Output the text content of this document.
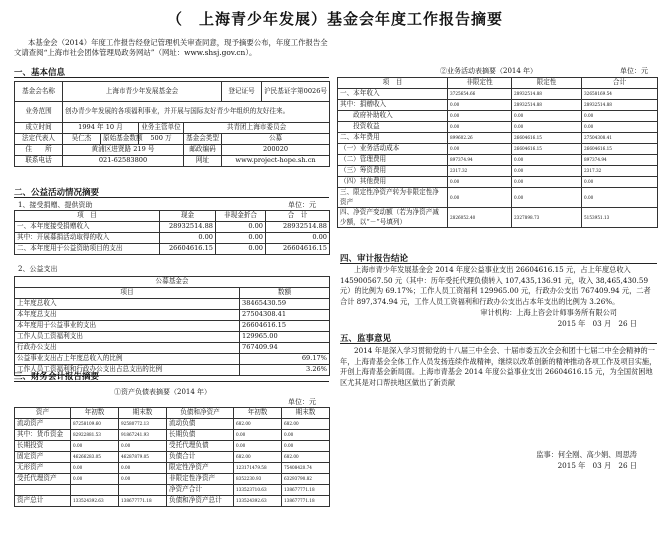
（　上海青少年发展）基金会年度工作报告摘要
本基金会（2014）年度工作报告经登记管理机关审查同意，现予摘要公布，年度工作报告全文请查阅“上海市社会团体管理局政务网站”（网址：www.shsj.gov.cn）。
一、基本信息
基金会名称	上海市青少年发展基金会				登记证号	沪民基证字第0026号
业务范围	创办青少年发展的各项福利事业，并开展与国际友好青少年组织的友好往来。					
成立时间	1994 年 10 月		业务主管单位	共青团上海市委员会		
法定代表人	吴仁杰	原始基金数额	500 万	基金会类型	公募	
住　　所	黄浦区进贤路 219 号			邮政编码	200020	
联系电话	021-62583800			网址	www.project-hope.sh.cn	
二、公益活动情况摘要
1、接受捐赠、提供资助	单位：元
项　目	现金	非现金折合	合　计
一、本年度接受捐赠收入	28932514.88	0.00	28932514.88
其中：开展募捐活动取得的收入	0.00	0.00	0.00
二、本年度用于公益资助项目的支出	26604616.15	0.00	26604616.15
2、公益支出
公募基金会	
项目	数额
上年度总收入	38465430.59
本年度总支出	27504308.41
本年度用于公益事业的支出	26604616.15
工作人员工资福利支出	129965.00
行政办公支出	767409.94
公益事业支出占上年度总收入的比例	69.17%
工作人员工资福利和行政办公支出占总支出的比例	3.26%
三、财务会计报告摘要
①资产负债表摘要（2014 年）
单位：元
资产	年初数	期末数	负债和净资产	年初数	期末数
流动资产	87258109.60	92580772.13	流动负债	682.00	682.00
其中：货币资金	82922881.53	91867241.93	长期负债	0.00	0.00
长期投资	0.00	0.00	受托代理负债	0.00	0.00
固定资产	46266283.05	46287879.05	负债合计	682.00	682.00
无形资产	0.00	0.00	限定性净资产	123171479.58	75408420.74
受托代理资产	0.00	0.00	非限定性净资产	8352230.93	63293790.82
			净资产合计	133523710.63	138677771.18
资产总计	133524392.63	138677771.18	负债和净资产总计	133524392.63	138677771.18
②业务活动表摘要（2014 年）	单位：元
项　目	非限定性	限定性	合计
一、本年收入	3725654.66	28932514.88	32658169.54
其中：捐赠收入	0.00	28932514.88	28932514.88
　　政府补助收入	0.00	0.00	0.00
　　投资收益	0.00	0.00	0.00
二、本年费用	899602.26	26604616.15	27504308.41
（一）业务活动成本	0.00	26604616.15	26604616.15
（二）管理费用	897374.94	0.00	897374.94
（三）筹资费用	2317.32	0.00	2317.32
（四）其他费用	0.00	0.00	0.00
三、限定性净资产转为非限定性净资产	0.00	0.00	0.00
四、净资产变动额（若为净资产减少额，以“－”号填列）	2826052.40	2327898.73	5153951.13
四、审计报告结论

上海市青少年发展基金会 2014 年度公益事业支出 26604616.15 元，占上年度总收入 145900567.50 元（其中：历年受托代理负债转入 107,435,136.91 元，收入 38,465,430.59 元）的比例为 69.17%；工作人员工资福利 129965.00 元，行政办公支出 767409.94 元，二者合计 897,374.94 元，工作人员工资福利和行政办公支出占本年支出的比例为 3.26%。

审计机构：上海上咨会计师事务所有限公司
2015 年　03 月　26 日
五、监事意见

2014 年是深入学习贯彻党的十八届三中全会、十届市委五次全会和团十七届二中全会精神的一年，上海青基会全体工作人员发扬连续作战精神，继续以改革创新的精神推动各项工作及项目实施，开创上海青基会新局面。上海市青基会 2014 年度公益事业支出 26604616.15 元，为全国贫困地区尤其是对口帮扶地区做出了新贡献

监事：何全刚、高少娟、周思涛
2015 年　03 月　26 日
